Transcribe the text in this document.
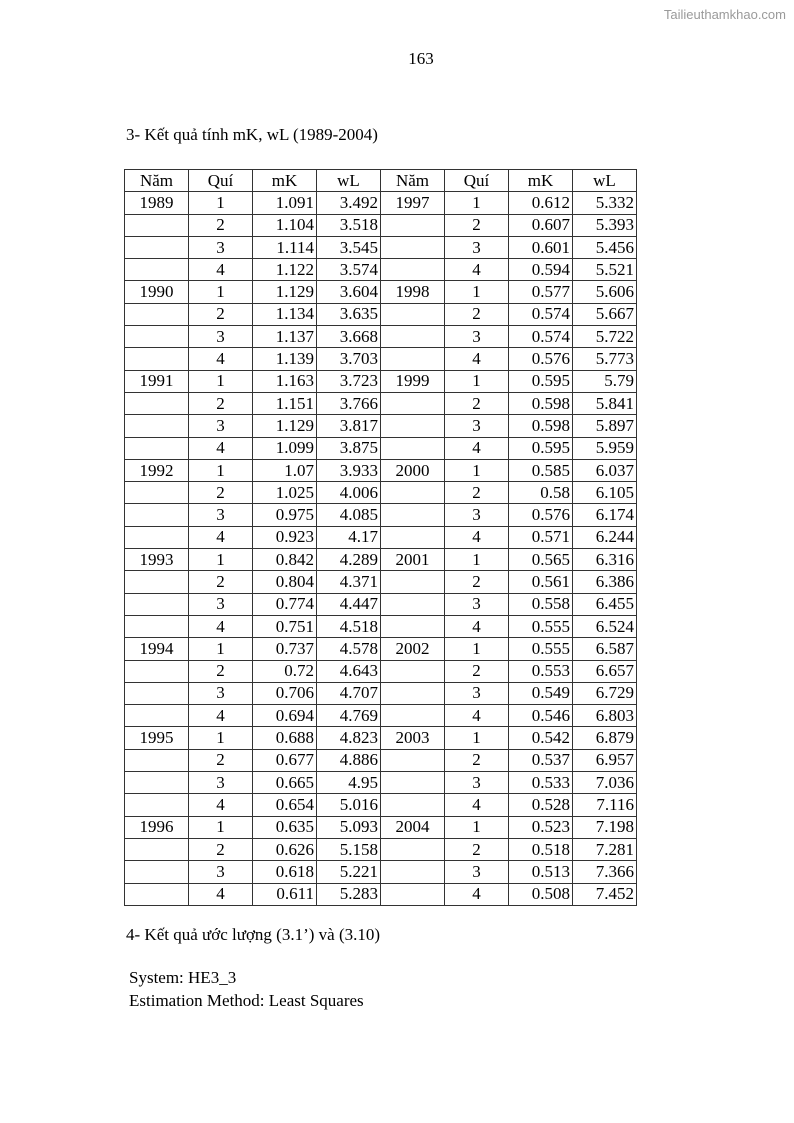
Tailieuthamkhao.com
163
3- Kết quả tính mK, wL (1989-2004)
Năm	Quí	mK	wL	Năm	Quí	mK	wL
1989	1	1.091	3.492	1997	1	0.612	5.332
	2	1.104	3.518		2	0.607	5.393
	3	1.114	3.545		3	0.601	5.456
	4	1.122	3.574		4	0.594	5.521
1990	1	1.129	3.604	1998	1	0.577	5.606
	2	1.134	3.635		2	0.574	5.667
	3	1.137	3.668		3	0.574	5.722
	4	1.139	3.703		4	0.576	5.773
1991	1	1.163	3.723	1999	1	0.595	5.79
	2	1.151	3.766		2	0.598	5.841
	3	1.129	3.817		3	0.598	5.897
	4	1.099	3.875		4	0.595	5.959
1992	1	1.07	3.933	2000	1	0.585	6.037
	2	1.025	4.006		2	0.58	6.105
	3	0.975	4.085		3	0.576	6.174
	4	0.923	4.17		4	0.571	6.244
1993	1	0.842	4.289	2001	1	0.565	6.316
	2	0.804	4.371		2	0.561	6.386
	3	0.774	4.447		3	0.558	6.455
	4	0.751	4.518		4	0.555	6.524
1994	1	0.737	4.578	2002	1	0.555	6.587
	2	0.72	4.643		2	0.553	6.657
	3	0.706	4.707		3	0.549	6.729
	4	0.694	4.769		4	0.546	6.803
1995	1	0.688	4.823	2003	1	0.542	6.879
	2	0.677	4.886		2	0.537	6.957
	3	0.665	4.95		3	0.533	7.036
	4	0.654	5.016		4	0.528	7.116
1996	1	0.635	5.093	2004	1	0.523	7.198
	2	0.626	5.158		2	0.518	7.281
	3	0.618	5.221		3	0.513	7.366
	4	0.611	5.283		4	0.508	7.452
4- Kết quả ước lượng (3.1’) và (3.10)
System: HE3_3
Estimation Method: Least Squares
